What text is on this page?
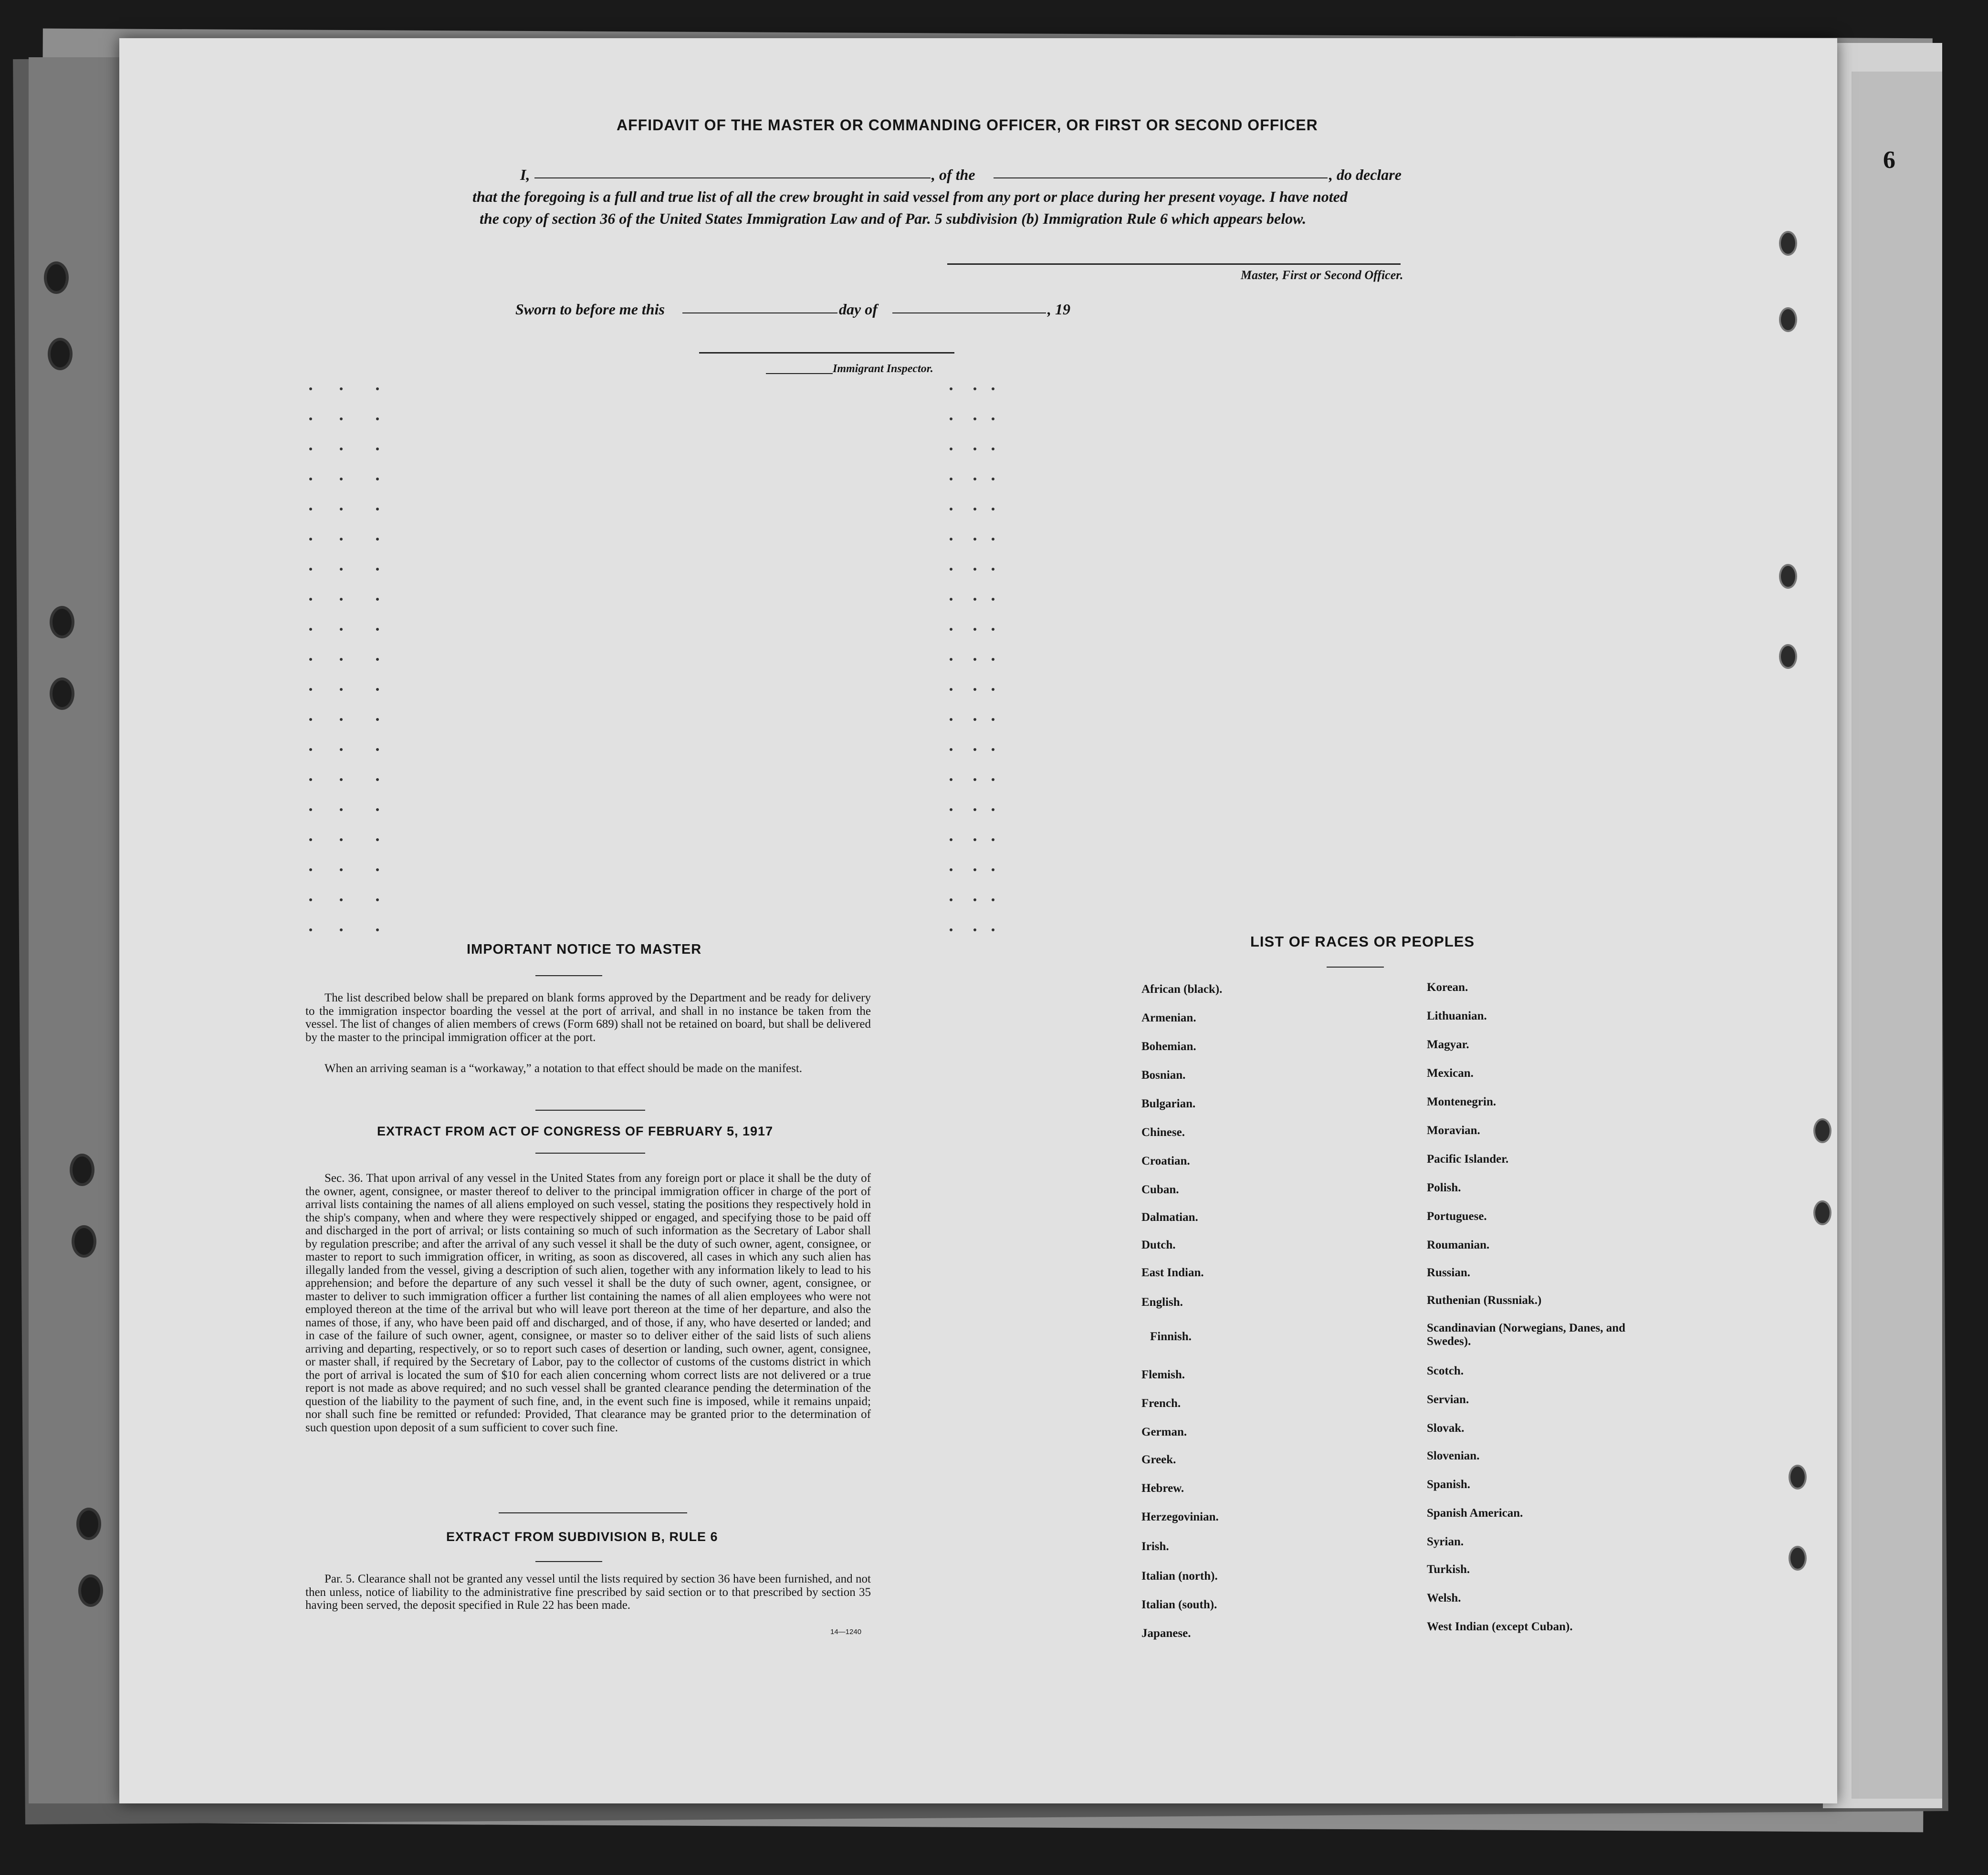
6
AFFIDAVIT OF THE MASTER OR COMMANDING OFFICER, OR FIRST OR SECOND OFFICER
I,	, of the	, do declare
that the foregoing is a full and true list of all the crew brought in said vessel from any port or place during her present voyage. I have noted
the copy of section 36 of the United States Immigration Law and of Par. 5 subdivision (b) Immigration Rule 6 which appears below.
Master, First or Second Officer.
Sworn to before me this	day of	, 19
Immigrant Inspector.
IMPORTANT NOTICE TO MASTER
The list described below shall be prepared on blank forms approved by the Department and be ready for delivery to the immigration inspector boarding the vessel at the port of arrival, and shall in no instance be taken from the vessel. The list of changes of alien members of crews (Form 689) shall not be retained on board, but shall be delivered by the master to the principal immigration officer at the port.
When an arriving seaman is a “workaway,” a notation to that effect should be made on the manifest.
EXTRACT FROM ACT OF CONGRESS OF FEBRUARY 5, 1917
Sec. 36. That upon arrival of any vessel in the United States from any foreign port or place it shall be the duty of the owner, agent, consignee, or master thereof to deliver to the principal immigration officer in charge of the port of arrival lists containing the names of all aliens employed on such vessel, stating the positions they respectively hold in the ship's company, when and where they were respectively shipped or engaged, and specifying those to be paid off and discharged in the port of arrival; or lists containing so much of such information as the Secretary of Labor shall by regulation prescribe; and after the arrival of any such vessel it shall be the duty of such owner, agent, consignee, or master to report to such immigration officer, in writing, as soon as discovered, all cases in which any such alien has illegally landed from the vessel, giving a description of such alien, together with any information likely to lead to his apprehension; and before the departure of any such vessel it shall be the duty of such owner, agent, consignee, or master to deliver to such immigration officer a further list containing the names of all alien employees who were not employed thereon at the time of the arrival but who will leave port thereon at the time of her departure, and also the names of those, if any, who have been paid off and discharged, and of those, if any, who have deserted or landed; and in case of the failure of such owner, agent, consignee, or master so to deliver either of the said lists of such aliens arriving and departing, respectively, or so to report such cases of desertion or landing, such owner, agent, consignee, or master shall, if required by the Secretary of Labor, pay to the collector of customs of the customs district in which the port of arrival is located the sum of $10 for each alien concerning whom correct lists are not delivered or a true report is not made as above required; and no such vessel shall be granted clearance pending the determination of the question of the liability to the payment of such fine, and, in the event such fine is imposed, while it remains unpaid; nor shall such fine be remitted or refunded: Provided, That clearance may be granted prior to the determination of such question upon deposit of a sum sufficient to cover such fine.
EXTRACT FROM SUBDIVISION B, RULE 6
Par. 5. Clearance shall not be granted any vessel until the lists required by section 36 have been furnished, and not then unless, notice of liability to the administrative fine prescribed by said section or to that prescribed by section 35 having been served, the deposit specified in Rule 22 has been made.
14—1240
LIST OF RACES OR PEOPLES
African (black).
Armenian.
Bohemian.
Bosnian.
Bulgarian.
Chinese.
Croatian.
Cuban.
Dalmatian.
Dutch.
East Indian.
English.
Finnish.
Flemish.
French.
German.
Greek.
Hebrew.
Herzegovinian.
Irish.
Italian (north).
Italian (south).
Japanese.
Korean.
Lithuanian.
Magyar.
Mexican.
Montenegrin.
Moravian.
Pacific Islander.
Polish.
Portuguese.
Roumanian.
Russian.
Ruthenian (Russniak.)
Scandinavian (Norwegians, Danes, and Swedes).
Scotch.
Servian.
Slovak.
Slovenian.
Spanish.
Spanish American.
Syrian.
Turkish.
Welsh.
West Indian (except Cuban).
